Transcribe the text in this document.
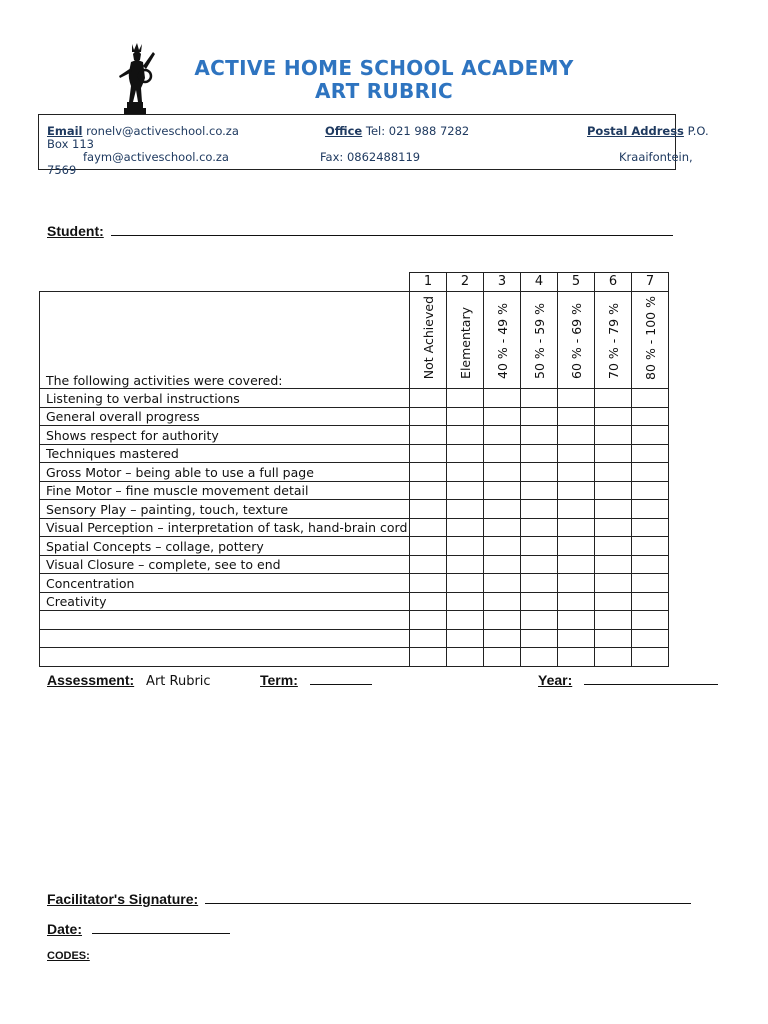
ACTIVE HOME SCHOOL ACADEMY
ART RUBRIC
Email ronelv@activeschool.co.za	Office Tel: 021 988 7282	Postal Address P.O.
Box 113
faym@activeschool.co.za	Fax: 0862488119	Kraaifontein,
7569
Student:
	1	2	3	4	5	6	7
The following activities were covered:	Not Achieved	Elementary	40 % - 49 %	50 % - 59 %	60 % - 69 %	70 % - 79 %	80 % - 100 %
Listening to verbal instructions							
General overall progress							
Shows respect for authority							
Techniques mastered							
Gross Motor – being able to use a full page							
Fine Motor – fine muscle movement detail							
Sensory Play – painting, touch, texture							
Visual Perception – interpretation of task, hand-brain cord							
Spatial Concepts – collage, pottery							
Visual Closure – complete, see to end							
Concentration							
Creativity							

Assessment: Art Rubric	Term:	Year:
Facilitator's Signature:
Date:
CODES:
